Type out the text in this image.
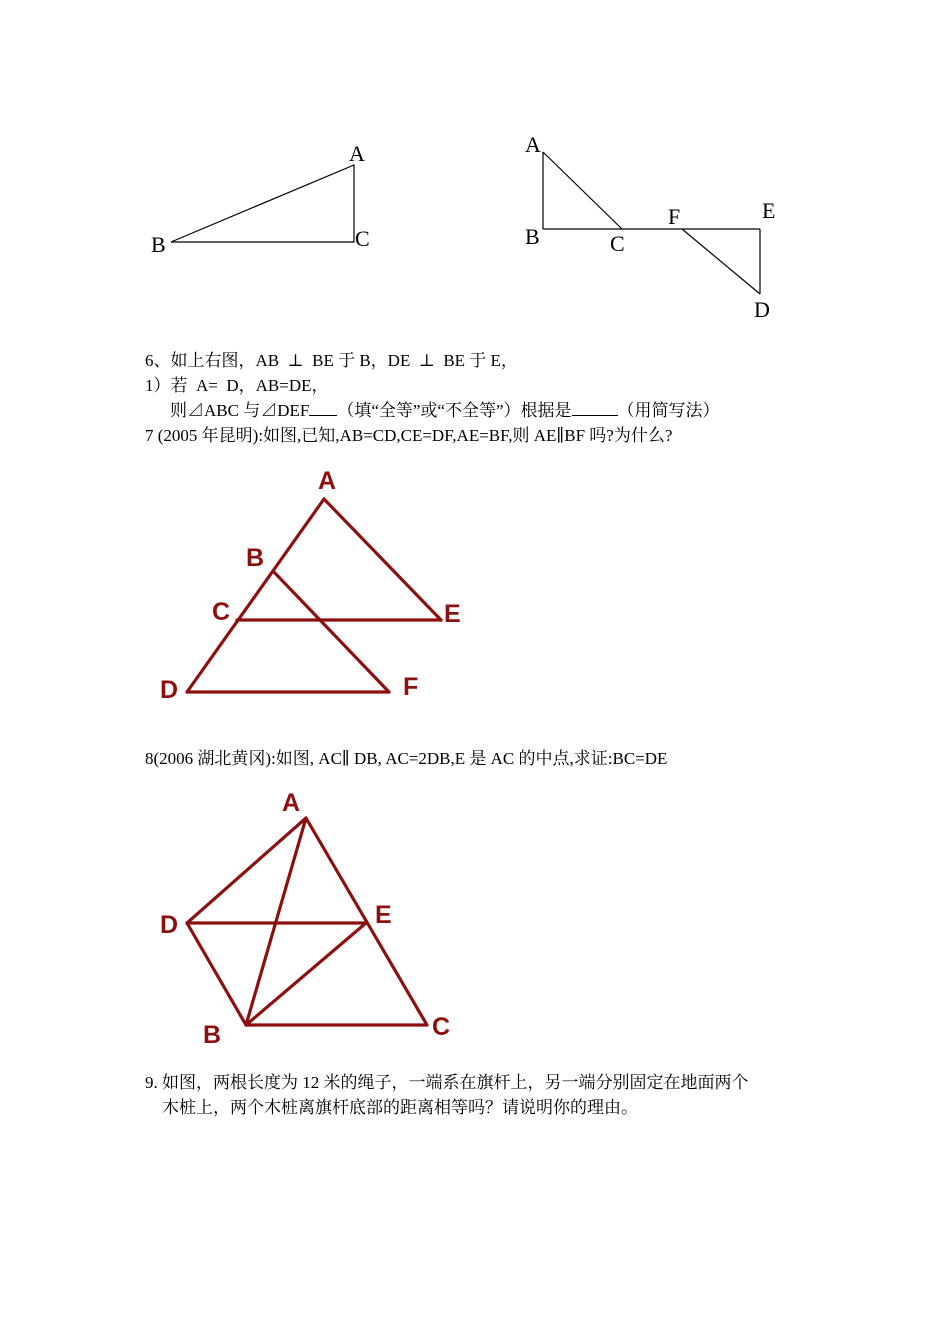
A
B	C
A
B	C
F	E
D
A
B
C	E
D	F
A
D	E
B	C
6、如上右图，AB  ⊥  BE 于 B，DE  ⊥  BE 于 E，
1）若  A=  D，AB=DE，
则⊿ABC 与⊿DEF （填“全等”或“不全等”）根据是	（用简写法）
7 (2005 年昆明):如图,已知,AB=CD,CE=DF,AE=BF,则 AE∥BF 吗?为什么?
8(2006 湖北黄冈):如图, AC∥ DB, AC=2DB,E 是 AC 的中点,求证:BC=DE
9. 如图，两根长度为 12 米的绳子，一端系在旗杆上，另一端分别固定在地面两个
木桩上，两个木桩离旗杆底部的距离相等吗？请说明你的理由。
